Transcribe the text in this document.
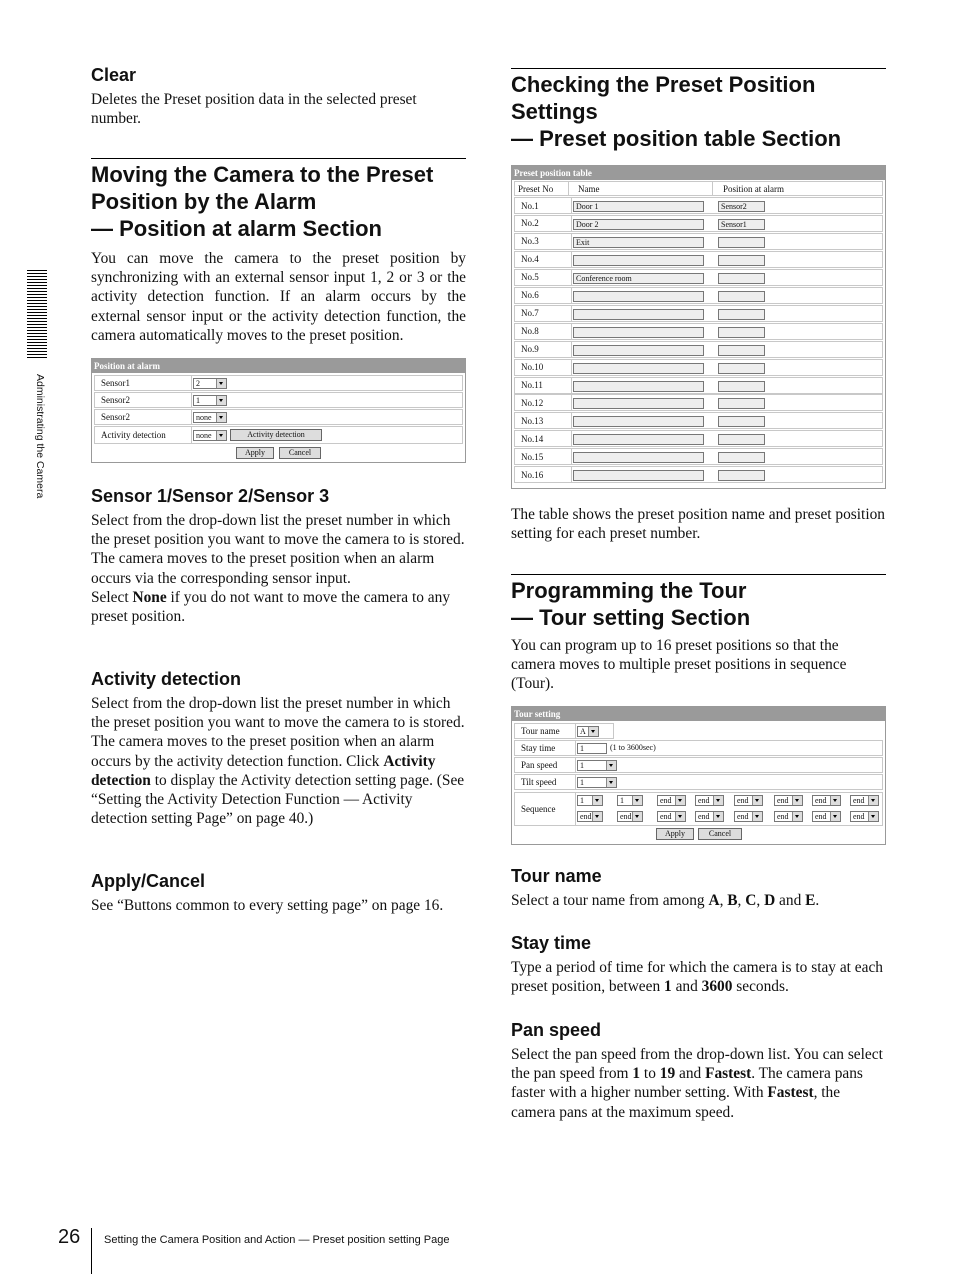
Administrating the Camera
Clear

Deletes the Preset position data in the selected preset number.

Moving the Camera to the Preset
Position by the Alarm
— Position at alarm Section

You can move the camera to the preset position by synchronizing with an external sensor input 1, 2 or 3 or the activity detection function. If an alarm occurs by the external sensor input or the activity detection function, the camera automatically moves to the preset position.

Position at alarm
Sensor1	2
Sensor2	1
Sensor2	none
Activity detection	none	Activity detection
Apply	Cancel
Sensor 1/Sensor 2/Sensor 3

Select from the drop-down list the preset number in which the preset position you want to move the camera to is stored. The camera moves to the preset position when an alarm occurs via the corresponding sensor input.

Select None if you do not want to move the camera to any preset position.

Activity detection

Select from the drop-down list the preset number in which the preset position you want to move the camera to is stored. The camera moves to the preset position when an alarm occurs by the activity detection function. Click Activity detection to display the Activity detection setting page. (See “Setting the Activity Detection Function — Activity detection setting Page” on page 40.)

Apply/Cancel

See “Buttons common to every setting page” on page 16.

Checking the Preset Position
Settings
— Preset position table Section
Preset position table
Preset No	Name	Position at alarm
No.1	Door 1	Sensor2
No.2	Door 2	Sensor1
No.3	Exit
No.4
No.5	Conference room
No.6
No.7
No.8
No.9
No.10
No.11
No.12
No.13
No.14
No.15
No.16

The table shows the preset position name and preset position setting for each preset number.

Programming the Tour
— Tour setting Section

You can program up to 16 preset positions so that the camera moves to multiple preset positions in sequence (Tour).

Tour setting
Tour name	A
Stay time	1	(1 to 3600sec)
Pan speed	1
Tilt speed	1
Sequence
1	1	end	end	end	end	end	end
end	end	end	end	end	end	end	end
Apply	Cancel
Tour name

Select a tour name from among A, B, C, D and E.

Stay time

Type a period of time for which the camera is to stay at each preset position, between 1 and 3600 seconds.

Pan speed

Select the pan speed from the drop-down list. You can select the pan speed from 1 to 19 and Fastest. The camera pans faster with a higher number setting. With Fastest, the camera pans at the maximum speed.

26 Setting the Camera Position and Action — Preset position setting Page
